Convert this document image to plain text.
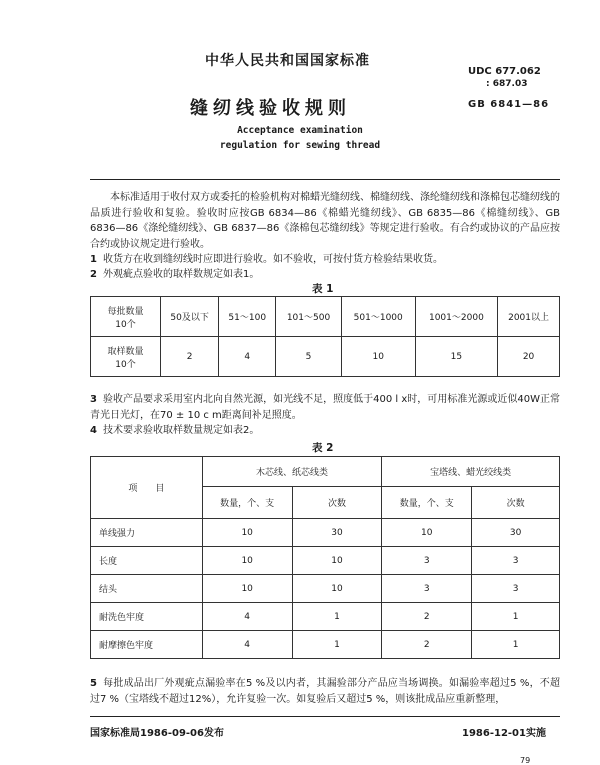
中华人民共和国国家标准
UDC 677.062
: 687.03
缝纫线验收规则	GB 6841—86
Acceptance examination
regulation for sewing thread
本标准适用于收付双方或委托的检验机构对棉蜡光缝纫线、棉缝纫线、涤纶缝纫线和涤棉包芯缝纫线的品质进行验收和复验。验收时应按GB 6834—86《棉蜡光缝纫线》、GB 6835—86《棉缝纫线》、GB 6836—86《涤纶缝纫线》、GB 6837—86《涤棉包芯缝纫线》等规定进行验收。有合约或协议的产品应按合约或协议规定进行验收。
1 收货方在收到缝纫线时应即进行验收。如不验收，可按付货方检验结果收货。
2 外观疵点验收的取样数规定如表1。
表 1
每批数量
10个	50及以下	51～100	101～500	501～1000	1001～2000	2001以上

取样数量
10个	2	4	5	10	15	20
3 验收产品要求采用室内北向自然光源，如光线不足，照度低于400 l x时，可用标准光源或近似40W正常青光日光灯，在70 ± 10 c m距离间补足照度。
4 技术要求验收取样数量规定如表2。
表 2
项　　目	木芯线、纸芯线类		宝塔线、蜡光绞线类	
	数量，个、支	次数	数量，个、支	次数
单线强力	10	30	10	30
长度	10	10	3	3
结头	10	10	3	3
耐洗色牢度	4	1	2	1
耐摩擦色牢度	4	1	2	1
5 每批成品出厂外观疵点漏验率在5 %及以内者，其漏验部分产品应当场调换。如漏验率超过5 %，不超过7 %（宝塔线不超过12%），允许复验一次。如复验后又超过5 %，则该批成品应重新整理，
国家标准局1986-09-06发布	1986-12-01实施
79
